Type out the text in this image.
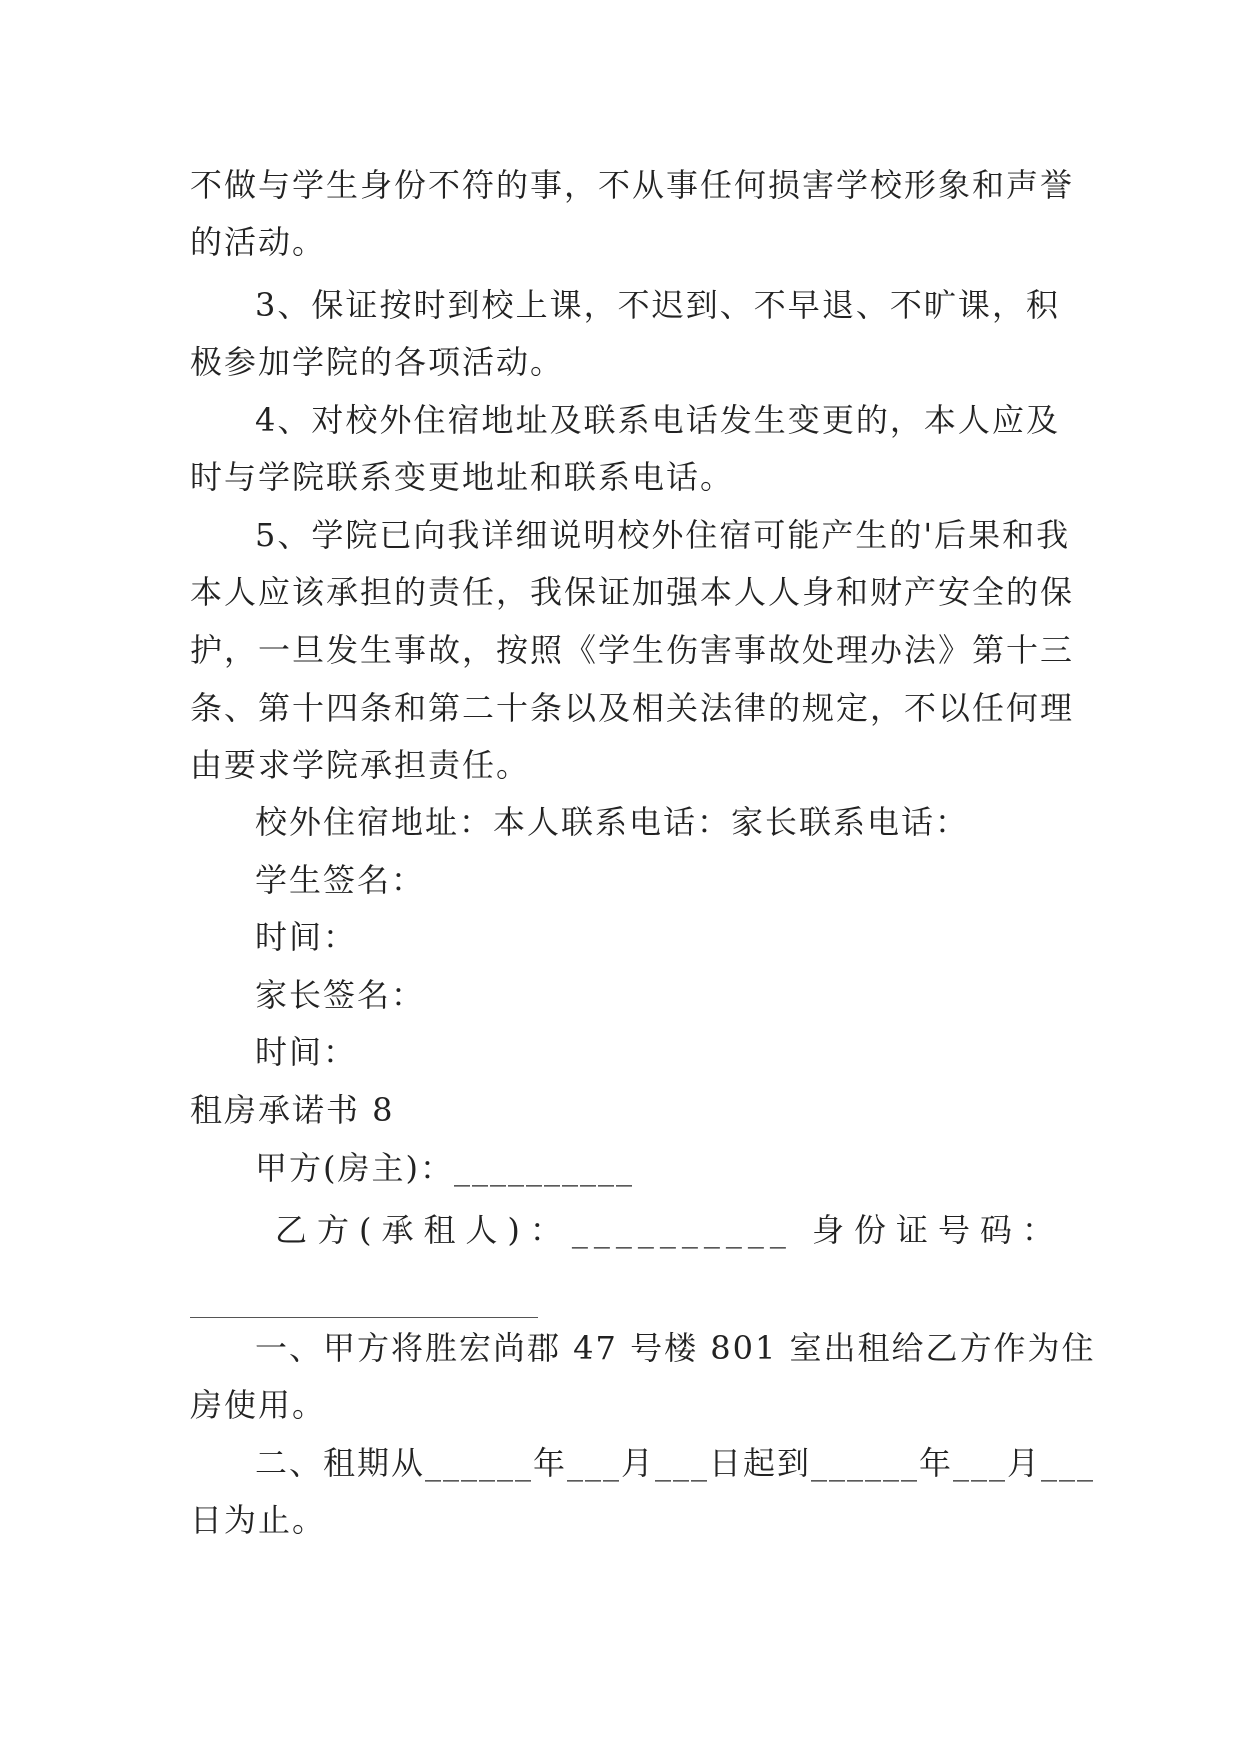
不做与学生身份不符的事，不从事任何损害学校形象和声誉
的活动。
3、保证按时到校上课，不迟到、不早退、不旷课，积
极参加学院的各项活动。
4、对校外住宿地址及联系电话发生变更的，本人应及
时与学院联系变更地址和联系电话。
5、学院已向我详细说明校外住宿可能产生的'后果和我
本人应该承担的责任，我保证加强本人人身和财产安全的保
护，一旦发生事故，按照《学生伤害事故处理办法》第十三
条、第十四条和第二十条以及相关法律的规定，不以任何理
由要求学院承担责任。
校外住宿地址：本人联系电话：家长联系电话：
学生签名：
时间：
家长签名：
时间：
租房承诺书 8
甲方(房主)：__________
乙方(承租人)：__________ 身份证号码：
一、甲方将胜宏尚郡 47 号楼 801 室出租给乙方作为住
房使用。
二、租期从______年___月___日起到______年___月___
日为止。
